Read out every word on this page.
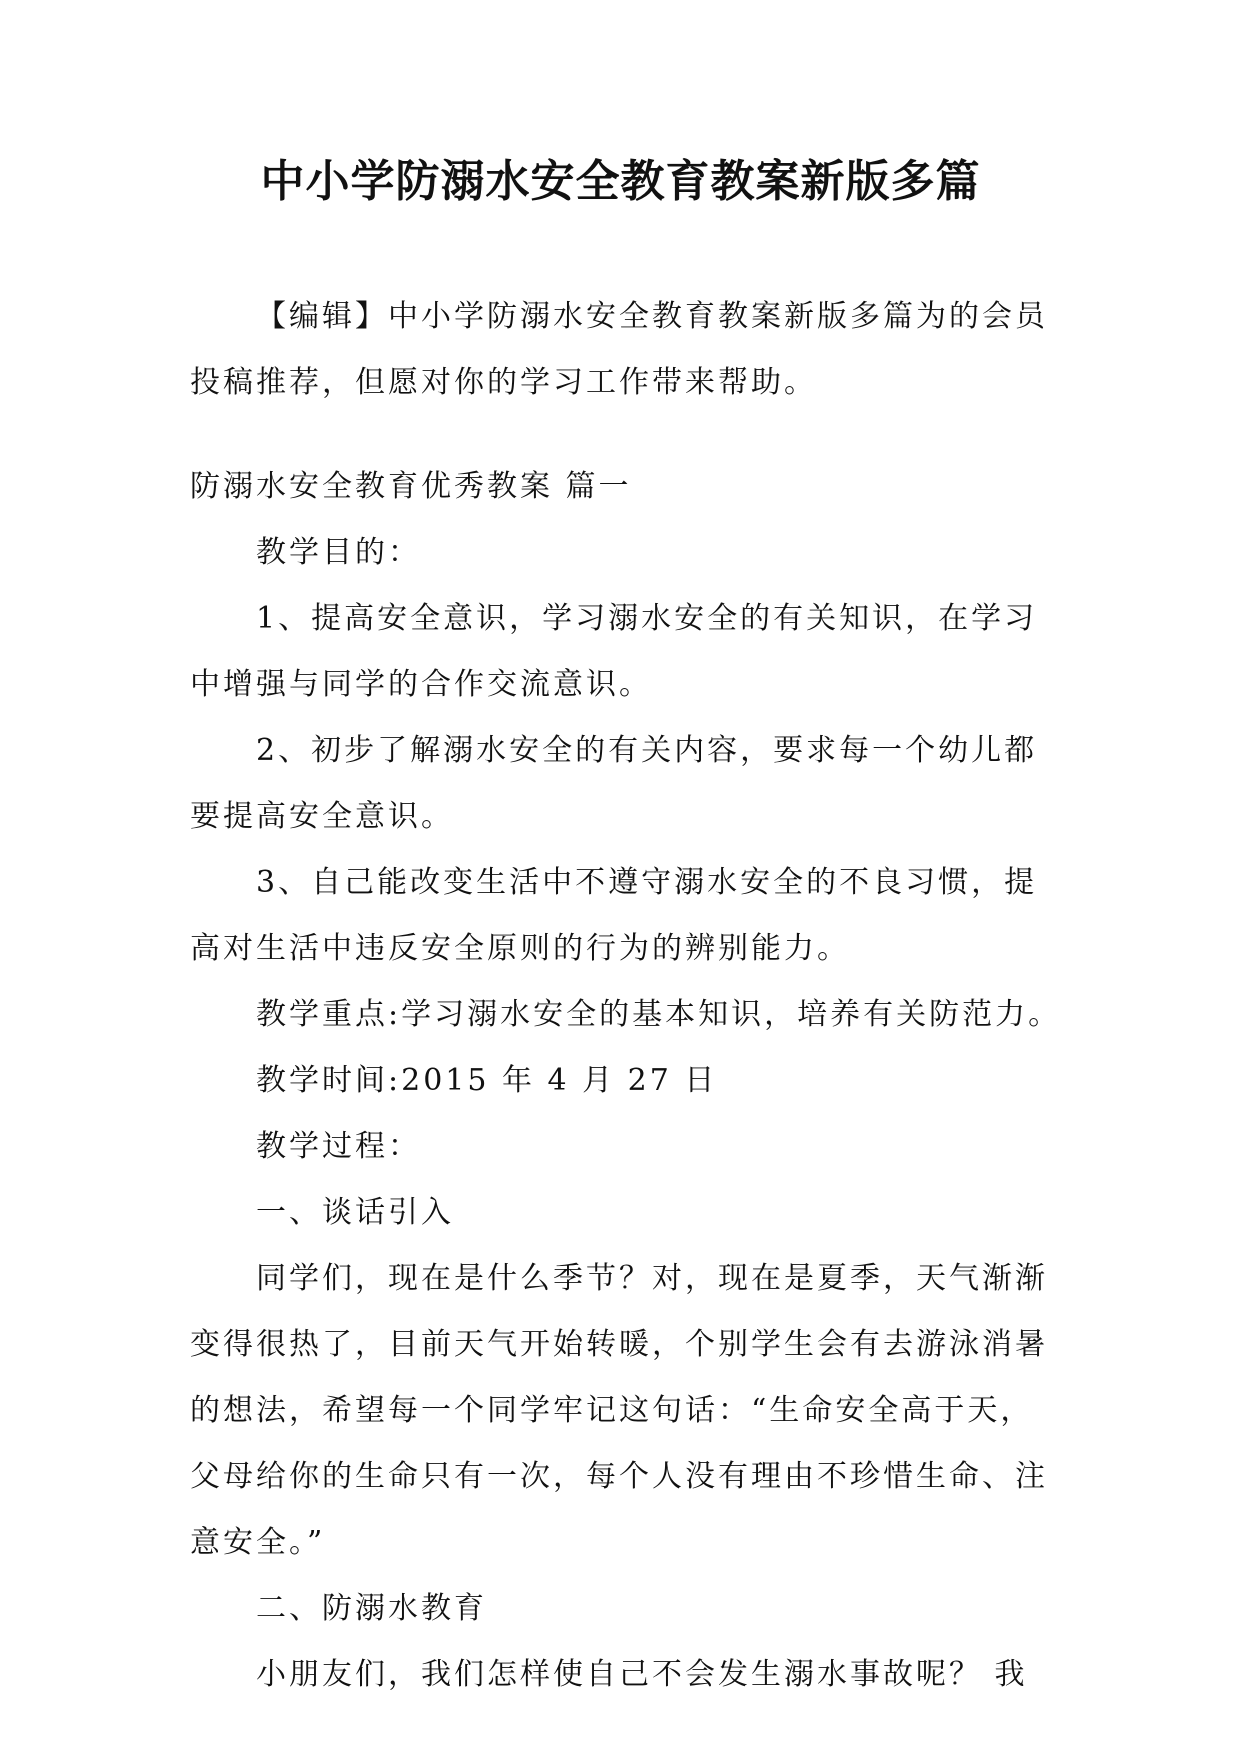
中小学防溺水安全教育教案新版多篇

【编辑】中小学防溺水安全教育教案新版多篇为的会员

投稿推荐，但愿对你的学习工作带来帮助。

防溺水安全教育优秀教案 篇一

教学目的：

1、提高安全意识，学习溺水安全的有关知识，在学习

中增强与同学的合作交流意识。

2、初步了解溺水安全的有关内容，要求每一个幼儿都

要提高安全意识。

3、自己能改变生活中不遵守溺水安全的不良习惯，提

高对生活中违反安全原则的行为的辨别能力。

教学重点:学习溺水安全的基本知识，培养有关防范力。

教学时间:2015 年 4 月 27 日

教学过程：

一、谈话引入

同学们，现在是什么季节？对，现在是夏季，天气渐渐

变得很热了，目前天气开始转暖，个别学生会有去游泳消暑
的想法，希望每一个同学牢记这句话：“生命安全高于天，
父母给你的生命只有一次，每个人没有理由不珍惜生命、注
意安全。”

二、防溺水教育

小朋友们，我们怎样使自己不会发生溺水事故呢？ 我
